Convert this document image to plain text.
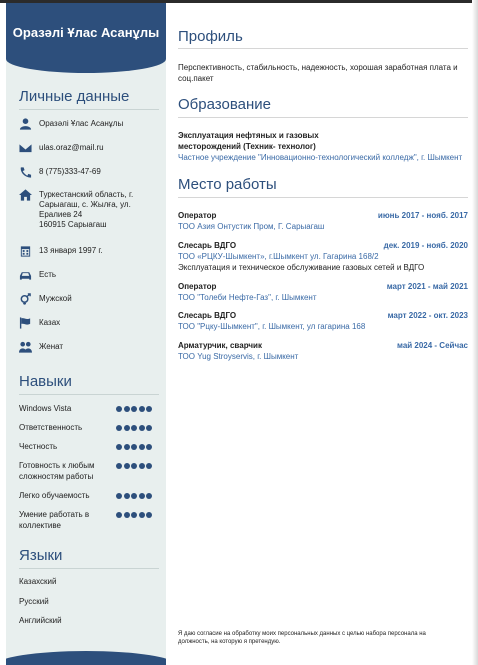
Оразəлі Ұлас Асанұлы
Личные данные
Оразəлі Ұлас Асанұлы
ulas.oraz@mail.ru
8 (775)333-47-69
Туркестанский область, г.
Сарыагаш, с. Жылға, ул.
Ералиев 24
160915 Сарыагаш
13 января 1997 г.
Есть
Мужской
Казах
Женат
Навыки
Windows Vista
Ответственность
Честность
Готовность к любым сложностям работы
Легко обучаемость
Умение работать в коллективе
Языки
Казахский
Русский
Английский
Профиль
Перспективность, стабильность, надежность, хорошая заработная плата и соц.пакет
Образование
Эксплуатация нефтяных и газовых месторождений (Техник- технолог)
Частное учреждение "Инновационно-технологический колледж", г. Шымкент
Место работы
Оператор	июнь 2017 - нояб. 2017
ТОО Азия Онтустик Пром, Г. Сарыагаш
Слесарь ВДГО	дек. 2019 - нояб. 2020
ТОО «РЦКУ-Шымкент», г.Шымкент ул. Гагарина 168/2
Эксплуатация и техническое обслуживание газовых сетей и ВДГО
Оператор	март 2021 - май 2021
ТОО "Толеби Нефте-Газ", г. Шымкент
Слесарь ВДГО	март 2022 - окт. 2023
ТОО "Рцку-Шымкент", г. Шымкент, ул гагарина 168
Арматурчик, сварчик	май 2024 - Сейчас
ТОО Yug Stroyservis, г. Шымкент
Я даю согласие на обработку моих персональных данных с целью набора персонала на должность, на которую я претендую.
